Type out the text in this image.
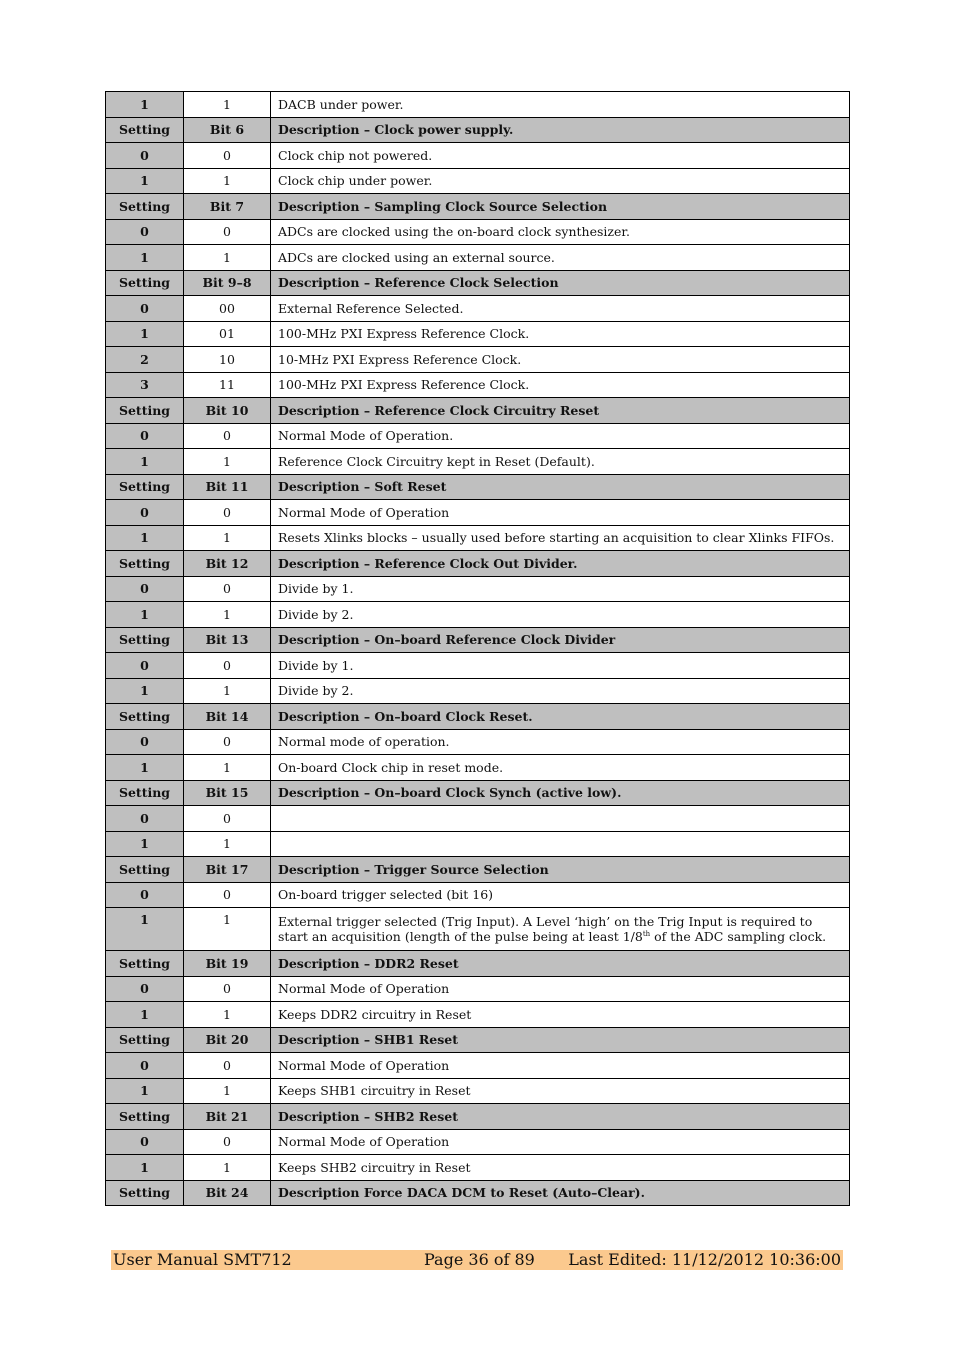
1	1	DACB under power.
Setting	Bit 6	Description – Clock power supply.
0	0	Clock chip not powered.
1	1	Clock chip under power.
Setting	Bit 7	Description – Sampling Clock Source Selection
0	0	ADCs are clocked using the on-board clock synthesizer.
1	1	ADCs are clocked using an external source.
Setting	Bit 9–8	Description – Reference Clock Selection
0	00	External Reference Selected.
1	01	100-MHz PXI Express Reference Clock.
2	10	10-MHz PXI Express Reference Clock.
3	11	100-MHz PXI Express Reference Clock.
Setting	Bit 10	Description – Reference Clock Circuitry Reset
0	0	Normal Mode of Operation.
1	1	Reference Clock Circuitry kept in Reset (Default).
Setting	Bit 11	Description – Soft Reset
0	0	Normal Mode of Operation
1	1	Resets Xlinks blocks – usually used before starting an acquisition to clear Xlinks FIFOs.
Setting	Bit 12	Description – Reference Clock Out Divider.
0	0	Divide by 1.
1	1	Divide by 2.
Setting	Bit 13	Description – On–board Reference Clock Divider
0	0	Divide by 1.
1	1	Divide by 2.
Setting	Bit 14	Description – On–board Clock Reset.
0	0	Normal mode of operation.
1	1	On-board Clock chip in reset mode.
Setting	Bit 15	Description – On–board Clock Synch (active low).
0	0	
1	1	
Setting	Bit 17	Description – Trigger Source Selection
0	0	On-board trigger selected (bit 16)
1	1	External trigger selected (Trig Input). A Level ‘high’ on the Trig Input is required to start an acquisition (length of the pulse being at least 1/8th of the ADC sampling clock.
Setting	Bit 19	Description – DDR2 Reset
0	0	Normal Mode of Operation
1	1	Keeps DDR2 circuitry in Reset
Setting	Bit 20	Description – SHB1 Reset
0	0	Normal Mode of Operation
1	1	Keeps SHB1 circuitry in Reset
Setting	Bit 21	Description – SHB2 Reset
0	0	Normal Mode of Operation
1	1	Keeps SHB2 circuitry in Reset
Setting	Bit 24	Description Force DACA DCM to Reset (Auto–Clear).
User Manual SMT712	Page 36 of 89 Last Edited: 11/12/2012 10:36:00
